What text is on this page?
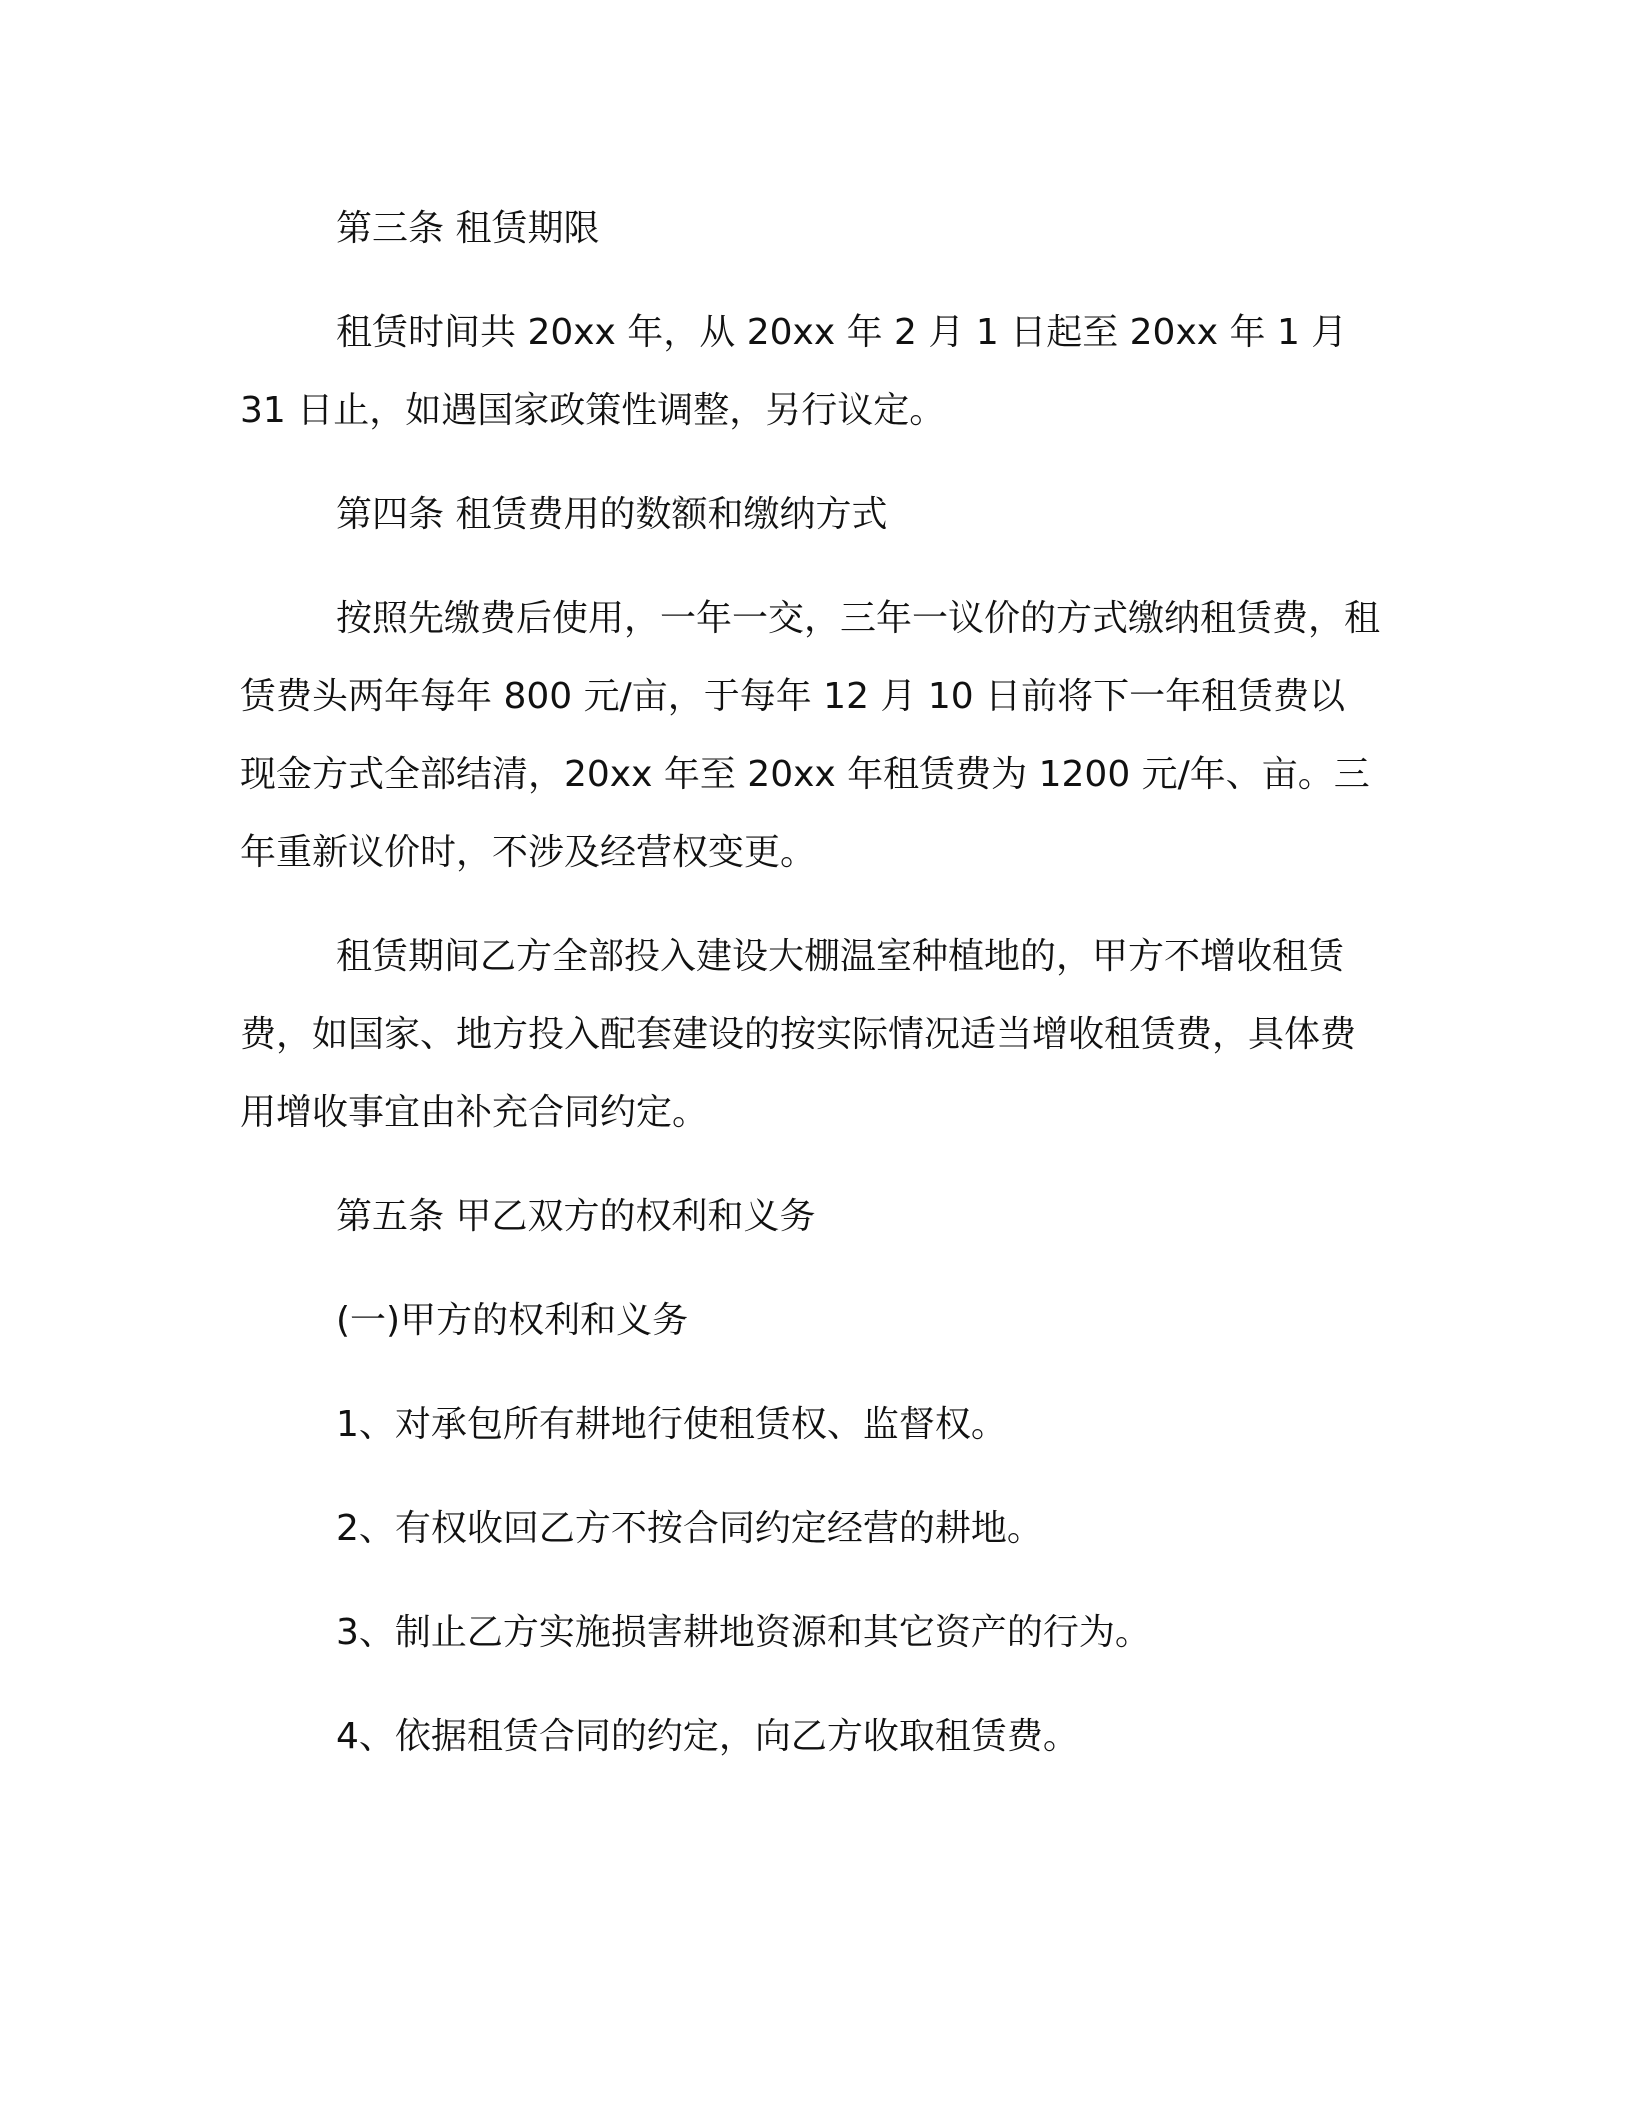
第三条 租赁期限

租赁时间共 20xx 年，从 20xx 年 2 月 1 日起至 20xx 年 1 月 31 日止，如遇国家政策性调整，另行议定。

第四条 租赁费用的数额和缴纳方式

按照先缴费后使用，一年一交，三年一议价的方式缴纳租赁费，租赁费头两年每年 800 元/亩，于每年 12 月 10 日前将下一年租赁费以现金方式全部结清，20xx 年至 20xx 年租赁费为 1200 元/年、亩。三年重新议价时，不涉及经营权变更。

租赁期间乙方全部投入建设大棚温室种植地的，甲方不增收租赁费，如国家、地方投入配套建设的按实际情况适当增收租赁费，具体费用增收事宜由补充合同约定。

第五条 甲乙双方的权利和义务

(一)甲方的权利和义务

1、对承包所有耕地行使租赁权、监督权。

2、有权收回乙方不按合同约定经营的耕地。

3、制止乙方实施损害耕地资源和其它资产的行为。

4、依据租赁合同的约定，向乙方收取租赁费。
